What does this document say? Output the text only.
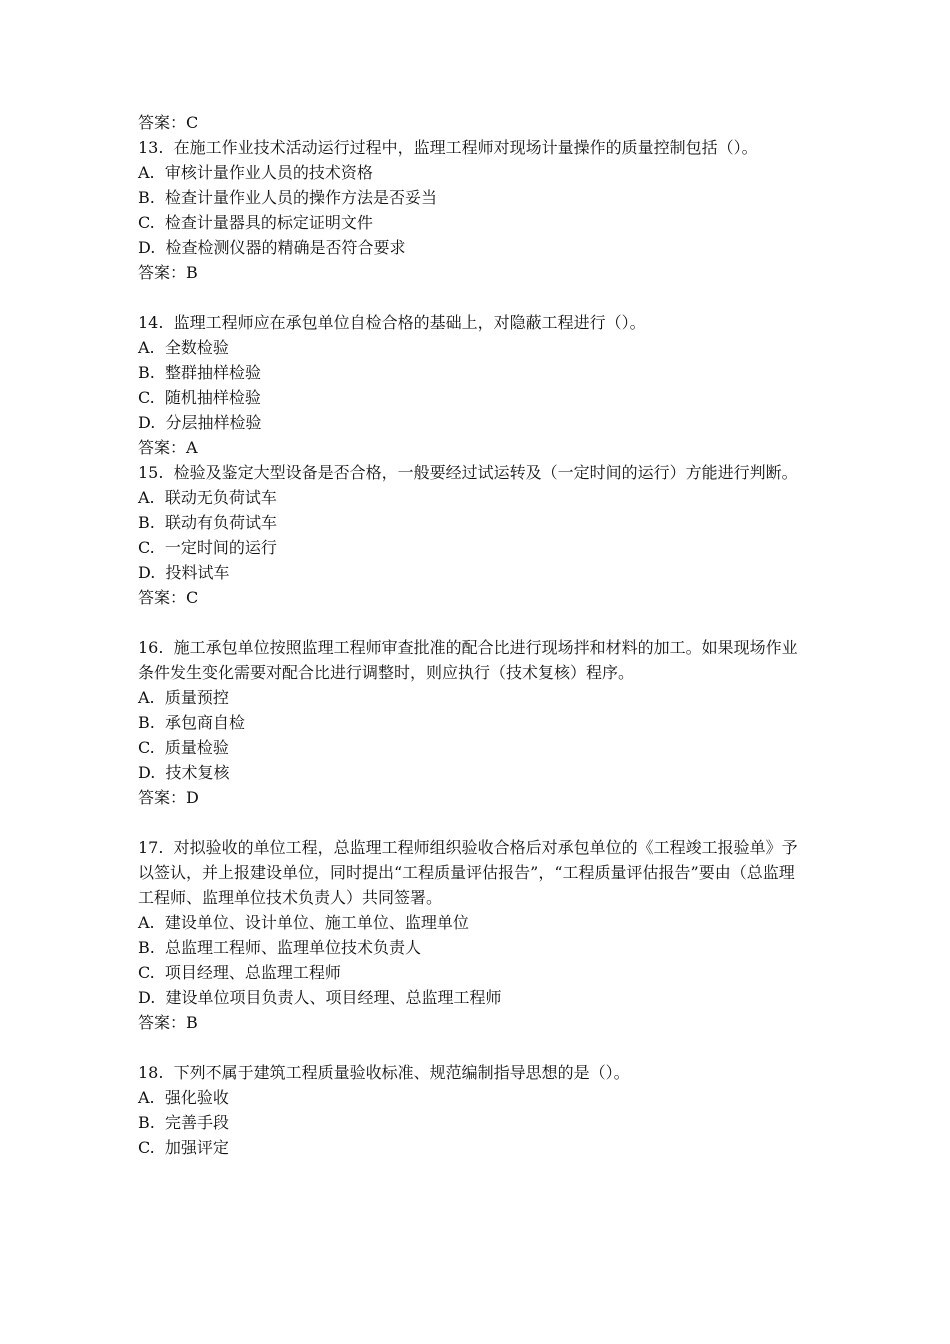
答案：C
13.  在施工作业技术活动运行过程中，监理工程师对现场计量操作的质量控制包括（）。
A.  审核计量作业人员的技术资格
B.  检查计量作业人员的操作方法是否妥当
C.  检查计量器具的标定证明文件
D.  检查检测仪器的精确是否符合要求
答案：B
14.  监理工程师应在承包单位自检合格的基础上，对隐蔽工程进行（）。
A.  全数检验
B.  整群抽样检验
C.  随机抽样检验
D.  分层抽样检验
答案：A
15.  检验及鉴定大型设备是否合格，一般要经过试运转及（一定时间的运行）方能进行判断。
A.  联动无负荷试车
B.  联动有负荷试车
C.  一定时间的运行
D.  投料试车
答案：C
16.  施工承包单位按照监理工程师审查批准的配合比进行现场拌和材料的加工。如果现场作业条件发生变化需要对配合比进行调整时，则应执行（技术复核）程序。
A.  质量预控
B.  承包商自检
C.  质量检验
D.  技术复核
答案：D
17.  对拟验收的单位工程，总监理工程师组织验收合格后对承包单位的《工程竣工报验单》予以签认，并上报建设单位，同时提出“工程质量评估报告”，“工程质量评估报告”要由（总监理工程师、监理单位技术负责人）共同签署。
A.  建设单位、设计单位、施工单位、监理单位
B.  总监理工程师、监理单位技术负责人
C.  项目经理、总监理工程师
D.  建设单位项目负责人、项目经理、总监理工程师
答案：B
18.  下列不属于建筑工程质量验收标准、规范编制指导思想的是（）。
A.  强化验收
B.  完善手段
C.  加强评定
